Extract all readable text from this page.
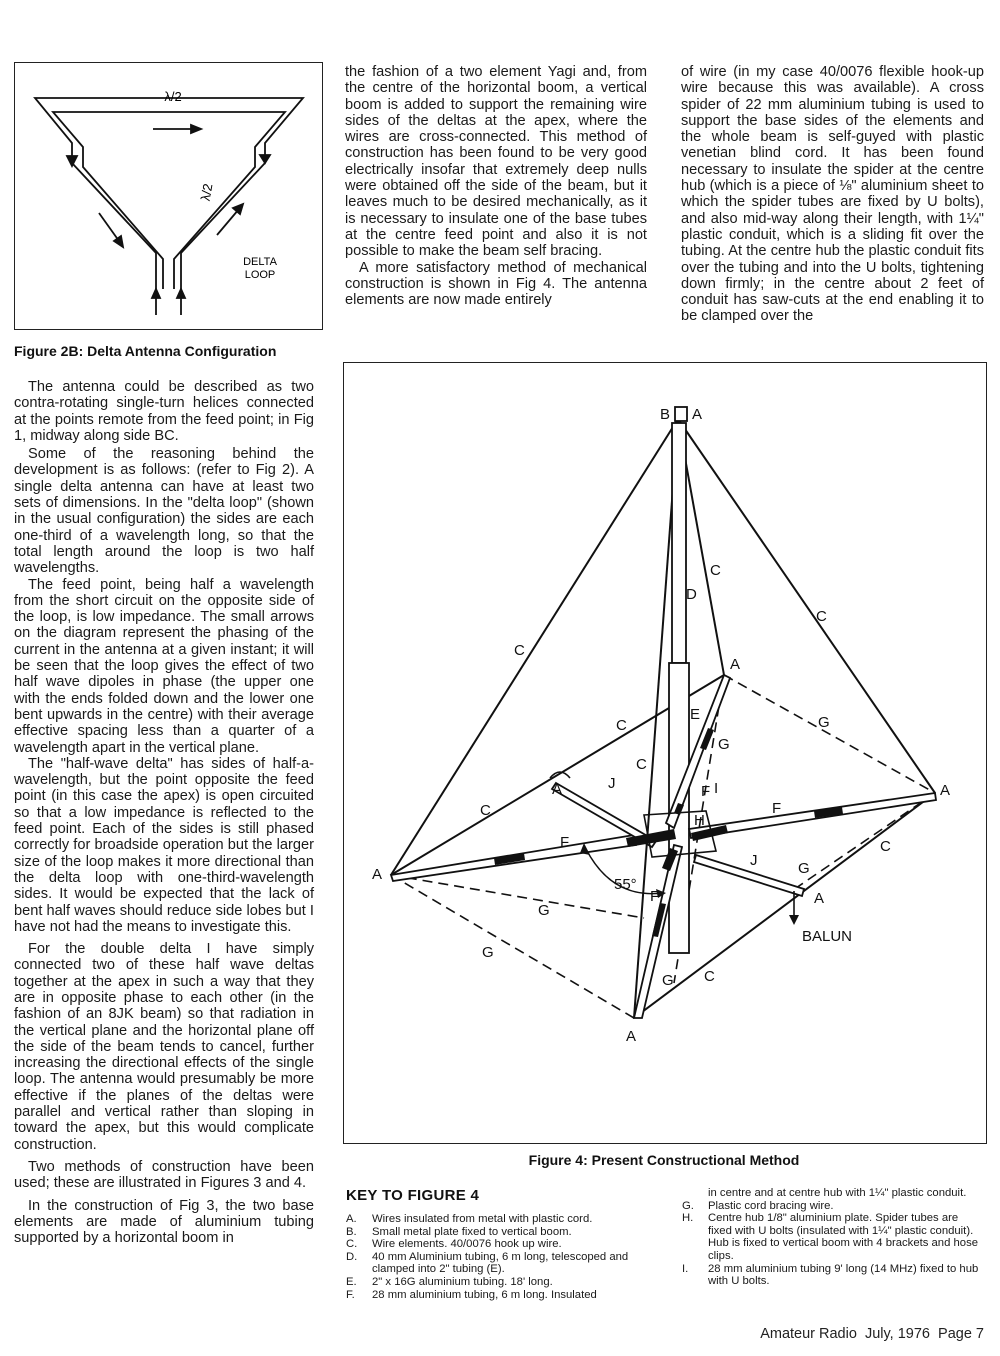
λ/2
λ/2
DELTA
LOOP
Figure 2B: Delta Antenna Configuration

The antenna could be described as two contra-rotating single-turn helices connected at the points remote from the feed point; in Fig 1, midway along side BC.

Some of the reasoning behind the development is as follows: (refer to Fig 2). A single delta antenna can have at least two sets of dimensions. In the "delta loop" (shown in the usual configuration) the sides are each one-third of a wavelength long, so that the total length around the loop is two half wavelengths.

The feed point, being half a wavelength from the short circuit on the opposite side of the loop, is low impedance. The small arrows on the diagram represent the phasing of the current in the antenna at a given instant; it will be seen that the loop gives the effect of two half wave dipoles in phase (the upper one with the ends folded down and the lower one bent upwards in the centre) with their average effective spacing less than a quarter of a wavelength apart in the vertical plane.

The "half-wave delta" has sides of half-a-wavelength, but the point opposite the feed point (in this case the apex) is open circuited so that a low impedance is reflected to the feed point. Each of the sides is still phased correctly for broadside operation but the larger size of the loop makes it more directional than the delta loop with one-third-wavelength sides. It would be expected that the lack of bent half waves should reduce side lobes but I have not had the means to investigate this.

For the double delta I have simply connected two of these half wave deltas together at the apex in such a way that they are in opposite phase to each other (in the fashion of an 8JK beam) so that radiation in the vertical plane and the horizontal plane off the side of the beam tends to cancel, further increasing the directional effects of the single loop. The antenna would presumably be more effective if the planes of the deltas were parallel and vertical rather than sloping in toward the apex, but this would complicate construction.

Two methods of construction have been used; these are illustrated in Figures 3 and 4.

In the construction of Fig 3, the two base elements are made of aluminium tubing supported by a horizontal boom in

the fashion of a two element Yagi and, from the centre of the horizontal boom, a vertical boom is added to support the remaining wire sides of the deltas at the apex, where the wires are cross-connected. This method of construction has been found to be very good electrically insofar that extremely deep nulls were obtained off the side of the beam, but it leaves much to be desired mechanically, as it is necessary to insulate one of the base tubes at the centre feed point and also it is not possible to make the beam self bracing.

A more satisfactory method of mechanical construction is shown in Fig 4. The antenna elements are now made entirely

of wire (in my case 40/0076 flexible hook-up wire because this was available). A cross spider of 22 mm aluminium tubing is used to support the base sides of the elements and the whole beam is self-guyed with plastic venetian blind cord. It has been found necessary to insulate the spider at the centre hub (which is a piece of ⅛" aluminium sheet to which the spider tubes are fixed by U bolts), and also mid-way along their length, with 1¼" plastic conduit, which is a sliding fit over the tubing. At the centre hub the plastic conduit fits over the tubing and into the U bolts, tightening down firmly; in the centre about 2 feet of conduit has saw-cuts at the end enabling it to be clamped over the

B A
C
C
C
D
A
E
C	G
G
C
A	J	F I
C
H
F
A
F	C
J	G
A
55°
F	A
G
BALUN
G
C
G
A
Figure 4: Present Constructional Method
KEY TO FIGURE 4
A.	Wires insulated from metal with plastic cord.
B.	Small metal plate fixed to vertical boom.
C.	Wire elements. 40/0076 hook up wire.
D.	40 mm Aluminium tubing, 6 m long, telescoped and clamped into 2" tubing (E).
E.	2" x 16G aluminium tubing. 18' long.
F.	28 mm aluminium tubing, 6 m long. Insulated
in centre and at centre hub with 1¼" plastic conduit.
G.	Plastic cord bracing wire.
H.	Centre hub 1/8" aluminium plate. Spider tubes are fixed with U bolts (insulated with 1¼" plastic conduit). Hub is fixed to vertical boom with 4 brackets and hose clips.
I.	28 mm aluminium tubing 9' long (14 MHz) fixed to hub with U bolts.
Amateur Radio  July, 1976  Page 7
